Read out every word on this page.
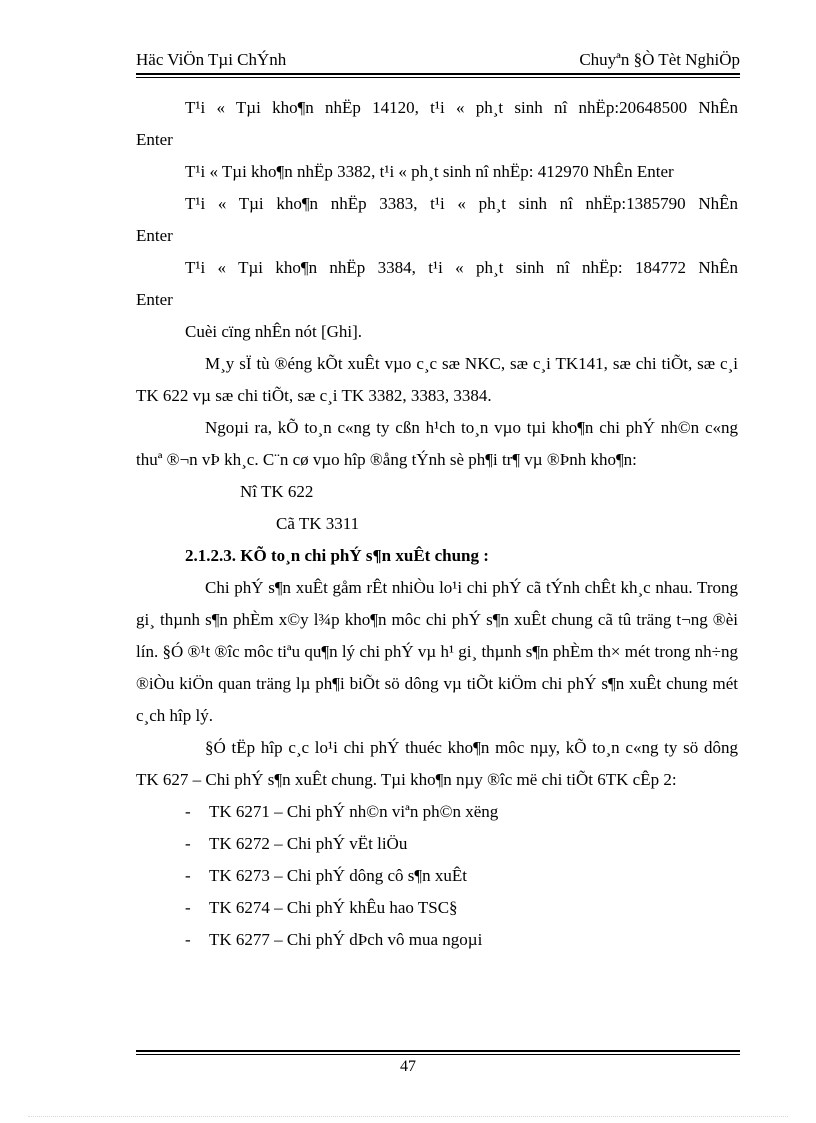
Häc ViÖn Tµi ChÝnh	Chuyªn §Ò Tèt NghiÖp

T¹i « Tµi kho¶n nhËp 14120, t¹i « ph¸t sinh nî nhËp:20648500 NhÊn

Enter

T¹i « Tµi kho¶n nhËp 3382, t¹i « ph¸t sinh nî nhËp: 412970 NhÊn Enter

T¹i « Tµi kho¶n nhËp 3383, t¹i « ph¸t sinh nî nhËp:1385790 NhÊn

Enter

T¹i « Tµi kho¶n nhËp 3384, t¹i « ph¸t sinh nî nhËp: 184772 NhÊn

Enter

Cuèi cïng nhÊn nót [Ghi].

M¸y sÏ tù ®éng kÕt xuÊt vµo c¸c sæ NKC, sæ c¸i TK141, sæ chi tiÕt, sæ c¸i TK 622 vµ sæ chi tiÕt, sæ c¸i TK 3382, 3383, 3384.

Ngoµi ra, kÕ to¸n c«ng ty cßn h¹ch to¸n vµo tµi kho¶n chi phÝ nh©n c«ng thuª ®¬n vÞ kh¸c. C¨n cø vµo hîp ®ång tÝnh sè ph¶i tr¶ vµ ®Þnh kho¶n:

Nî TK 622

Cã TK 3311

2.1.2.3. KÕ to¸n chi phÝ s¶n xuÊt chung :

Chi phÝ s¶n xuÊt gåm rÊt nhiÒu lo¹i chi phÝ cã tÝnh chÊt kh¸c nhau. Trong gi¸ thµnh s¶n phÈm x©y l¾p kho¶n môc chi phÝ s¶n xuÊt chung cã tû träng t¬ng ®èi lín. §Ó ®¹t ®îc môc tiªu qu¶n lý chi phÝ vµ h¹ gi¸ thµnh s¶n phÈm th× mét trong nh÷ng ®iÒu kiÖn quan träng lµ ph¶i biÕt sö dông vµ tiÕt kiÖm chi phÝ s¶n xuÊt chung mét c¸ch hîp lý.

§Ó tËp hîp c¸c lo¹i chi phÝ thuéc kho¶n môc nµy, kÕ to¸n c«ng ty sö dông TK 627 – Chi phÝ s¶n xuÊt chung. Tµi kho¶n nµy ®îc më chi tiÕt 6TK cÊp 2:

- TK 6271 – Chi phÝ nh©n viªn ph©n xëng
- TK 6272 – Chi phÝ vËt liÖu
- TK 6273 – Chi phÝ dông cô s¶n xuÊt
- TK 6274 – Chi phÝ khÊu hao TSC§
- TK 6277 – Chi phÝ dÞch vô mua ngoµi
47
